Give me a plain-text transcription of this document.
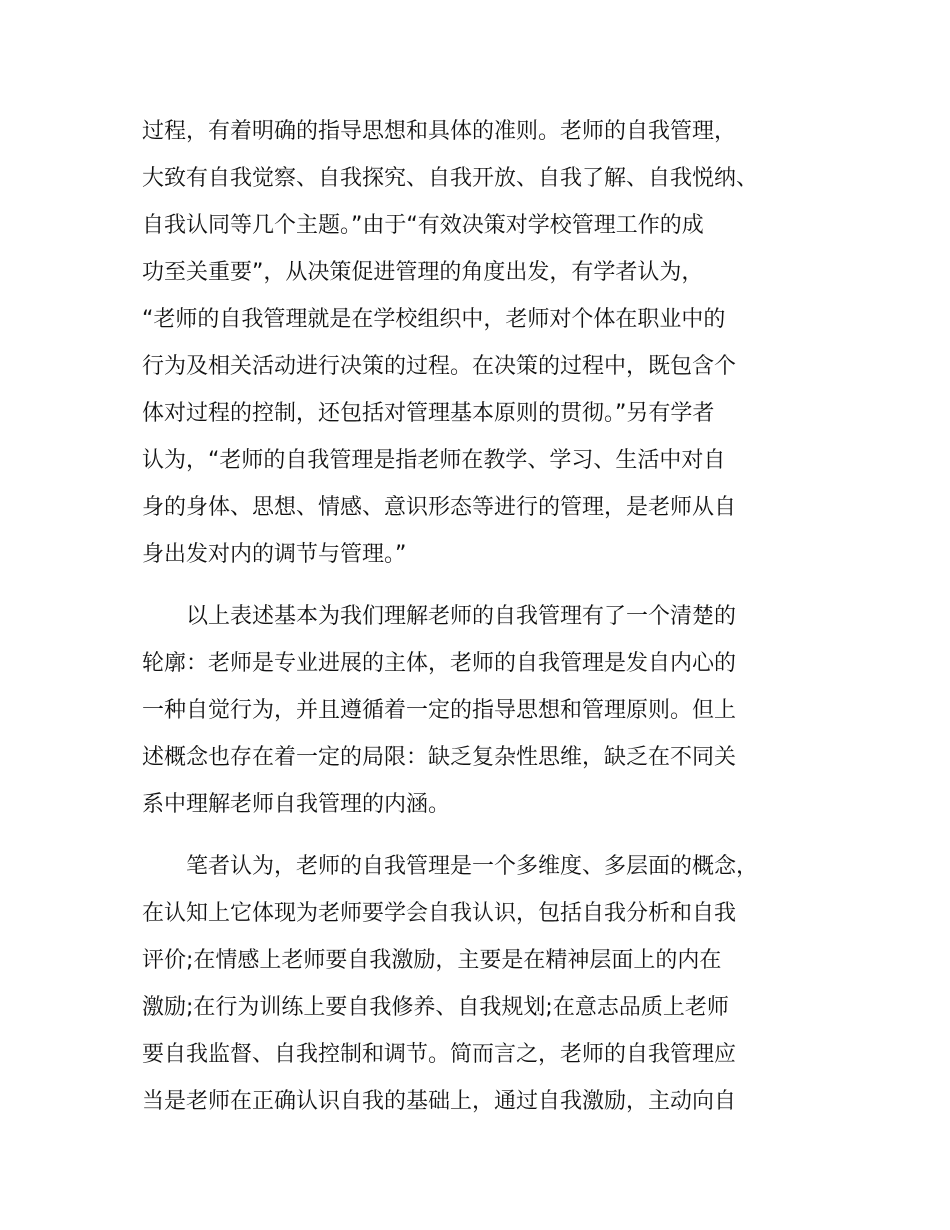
过程，有着明确的指导思想和具体的准则。老师的自我管理，
大致有自我觉察、自我探究、自我开放、自我了解、自我悦纳、
自我认同等几个主题。”由于“有效决策对学校管理工作的成
功至关重要”，从决策促进管理的角度出发，有学者认为，
“老师的自我管理就是在学校组织中，老师对个体在职业中的
行为及相关活动进行决策的过程。在决策的过程中，既包含个
体对过程的控制，还包括对管理基本原则的贯彻。”另有学者
认为，“老师的自我管理是指老师在教学、学习、生活中对自
身的身体、思想、情感、意识形态等进行的管理，是老师从自
身出发对内的调节与管理。”
以上表述基本为我们理解老师的自我管理有了一个清楚的
轮廓：老师是专业进展的主体，老师的自我管理是发自内心的
一种自觉行为，并且遵循着一定的指导思想和管理原则。但上
述概念也存在着一定的局限：缺乏复杂性思维，缺乏在不同关
系中理解老师自我管理的内涵。
笔者认为，老师的自我管理是一个多维度、多层面的概念，
在认知上它体现为老师要学会自我认识，包括自我分析和自我
评价;在情感上老师要自我激励，主要是在精神层面上的内在
激励;在行为训练上要自我修养、自我规划;在意志品质上老师
要自我监督、自我控制和调节。简而言之，老师的自我管理应
当是老师在正确认识自我的基础上，通过自我激励，主动向自
